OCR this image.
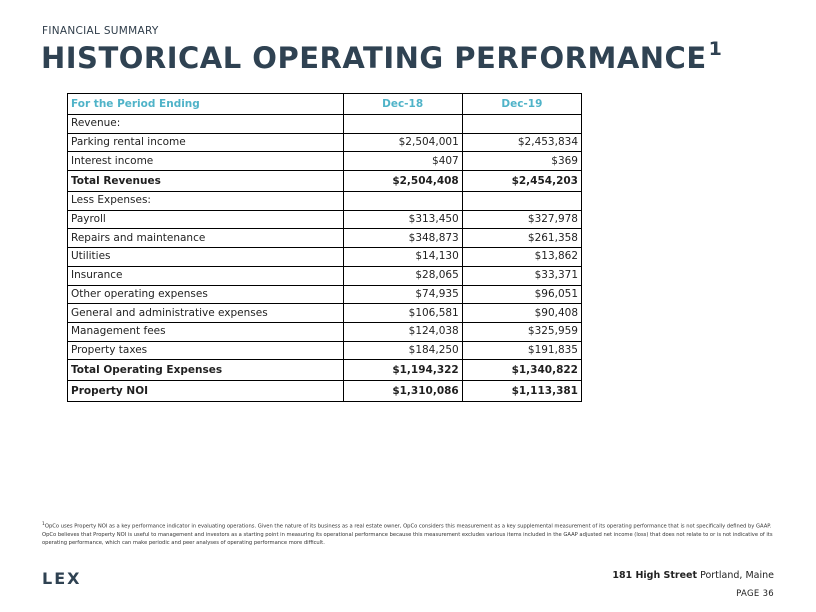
FINANCIAL SUMMARY
HISTORICAL OPERATING PERFORMANCE $^1$
For the Period Ending	Dec-18	Dec-19
Revenue:		
Parking rental income	$2,504,001	$2,453,834
Interest income	$407	$369
Total Revenues	$2,504,408	$2,454,203
Less Expenses:		
Payroll	$313,450	$327,978
Repairs and maintenance	$348,873	$261,358
Utilities	$14,130	$13,862
Insurance	$28,065	$33,371
Other operating expenses	$74,935	$96,051
General and administrative expenses	$106,581	$90,408
Management fees	$124,038	$325,959
Property taxes	$184,250	$191,835
Total Operating Expenses	$1,194,322	$1,340,822
Property NOI	$1,310,086	$1,113,381
$^1$OpCo uses Property NOI as a key performance indicator in evaluating operations. Given the nature of its business as a real estate owner, OpCo considers this measurement as a key supplemental measurement of its operating performance that is not specifically defined by GAAP. OpCo believes that Property NOI is useful to management and investors as a starting point in measuring its operational performance because this measurement excludes various items included in the GAAP adjusted net income (loss) that does not relate to or is not indicative of its operating performance, which can make periodic and peer analyses of operating performance more difficult.
LEX	181 High Street Portland, Maine
PAGE 36
